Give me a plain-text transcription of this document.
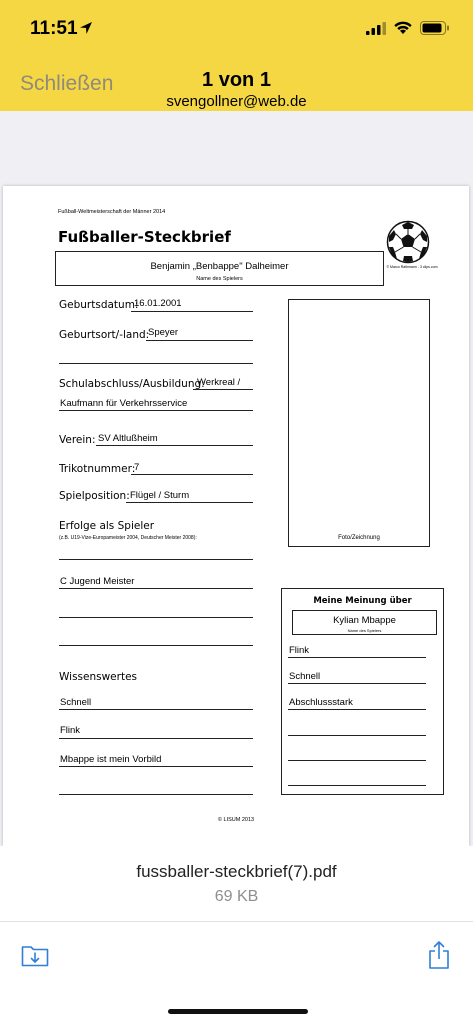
11:51
Schließen	1 von 1
svengollner@web.de
Fußball-Weltmeisterschaft der Männer 2014
Fußballer-Steckbrief
© Marco Rathmann - 3 clips.com
Benjamin „Benbappe" Dalheimer
Name des Spielers
Geburtsdatum:
16.01.2001
Geburtsort/-land:
Speyer
Schulabschluss/Ausbildung:
Werkreal /
Kaufmann für Verkehrsservice
Verein: SV Altlußheim
Trikotnummer:
7
Spielposition: Flügel / Sturm
Erfolge als Spieler
(z.B. U19-Vize-Europameister 2004, Deutscher Meister 2008):
C Jugend Meister
Wissenswertes
Schnell
Flink
Mbappe ist mein Vorbild
Foto/Zeichnung
Meine Meinung über
Kylian Mbappe
Name des Spielers
Flink
Schnell
Abschlussstark
© LISUM 2013
fussballer-steckbrief(7).pdf
69 KB
